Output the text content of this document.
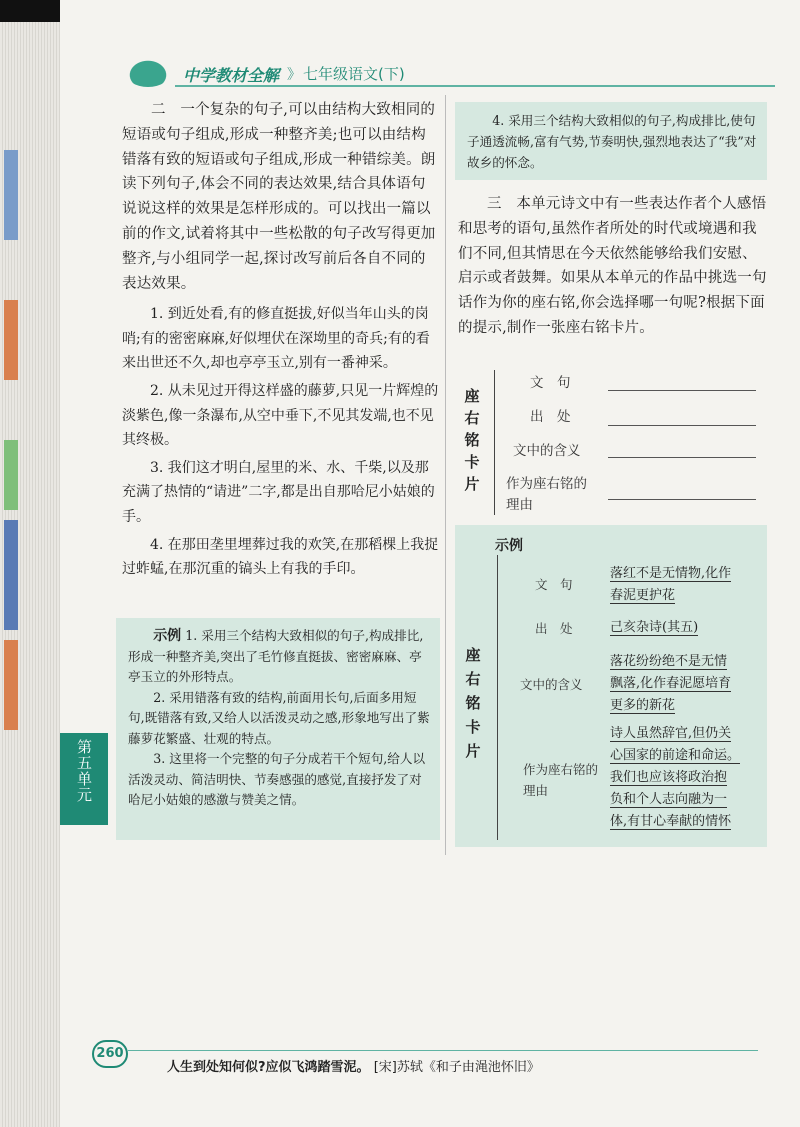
中学教材全解 》 七年级语文(下)

二　一个复杂的句子,可以由结构大致相同的短语或句子组成,形成一种整齐美;也可以由结构错落有致的短语或句子组成,形成一种错综美。朗读下列句子,体会不同的表达效果,结合具体语句说说这样的效果是怎样形成的。可以找出一篇以前的作文,试着将其中一些松散的句子改写得更加整齐,与小组同学一起,探讨改写前后各自不同的表达效果。

1. 到近处看,有的修直挺拔,好似当年山头的岗哨;有的密密麻麻,好似埋伏在深坳里的奇兵;有的看来出世还不久,却也亭亭玉立,别有一番神采。

2. 从未见过开得这样盛的藤萝,只见一片辉煌的淡紫色,像一条瀑布,从空中垂下,不见其发端,也不见其终极。

3. 我们这才明白,屋里的米、水、千柴,以及那充满了热情的“请进”二字,都是出自那哈尼小姑娘的手。

4. 在那田垄里埋葬过我的欢笑,在那稻棵上我捉过蚱蜢,在那沉重的镐头上有我的手印。

示例 1. 采用三个结构大致相似的句子,构成排比,形成一种整齐美,突出了毛竹修直挺拔、密密麻麻、亭亭玉立的外形特点。

2. 采用错落有致的结构,前面用长句,后面多用短句,既错落有致,又给人以活泼灵动之感,形象地写出了紫藤萝花繁盛、壮观的特点。

3. 这里将一个完整的句子分成若干个短句,给人以活泼灵动、简洁明快、节奏感强的感觉,直接抒发了对哈尼小姑娘的感激与赞美之情。

4. 采用三个结构大致相似的句子,构成排比,使句子通透流畅,富有气势,节奏明快,强烈地表达了“我”对故乡的怀念。

三　本单元诗文中有一些表达作者个人感悟和思考的语句,虽然作者所处的时代或境遇和我们不同,但其情思在今天依然能够给我们安慰、启示或者鼓舞。如果从本单元的作品中挑选一句话作为你的座右铭,你会选择哪一句呢?根据下面的提示,制作一张座右铭卡片。

座
右
铭
卡
片
文　句
出　处
文中的含义
作为座右铭的
理由
示例
座
右
铭
卡
片
文　句
落红不是无情物,化作
春泥更护花
出　处	己亥杂诗(其五)
文中的含义
落花纷纷绝不是无情
飘落,化作春泥愿培育
更多的新花
作为座右铭的
理由
诗人虽然辞官,但仍关
心国家的前途和命运。
我们也应该将政治抱
负和个人志向融为一
体,有甘心奉献的情怀
第五单元
260
人生到处知何似?应似飞鸿踏雪泥。 [宋]苏轼《和子由渑池怀旧》
